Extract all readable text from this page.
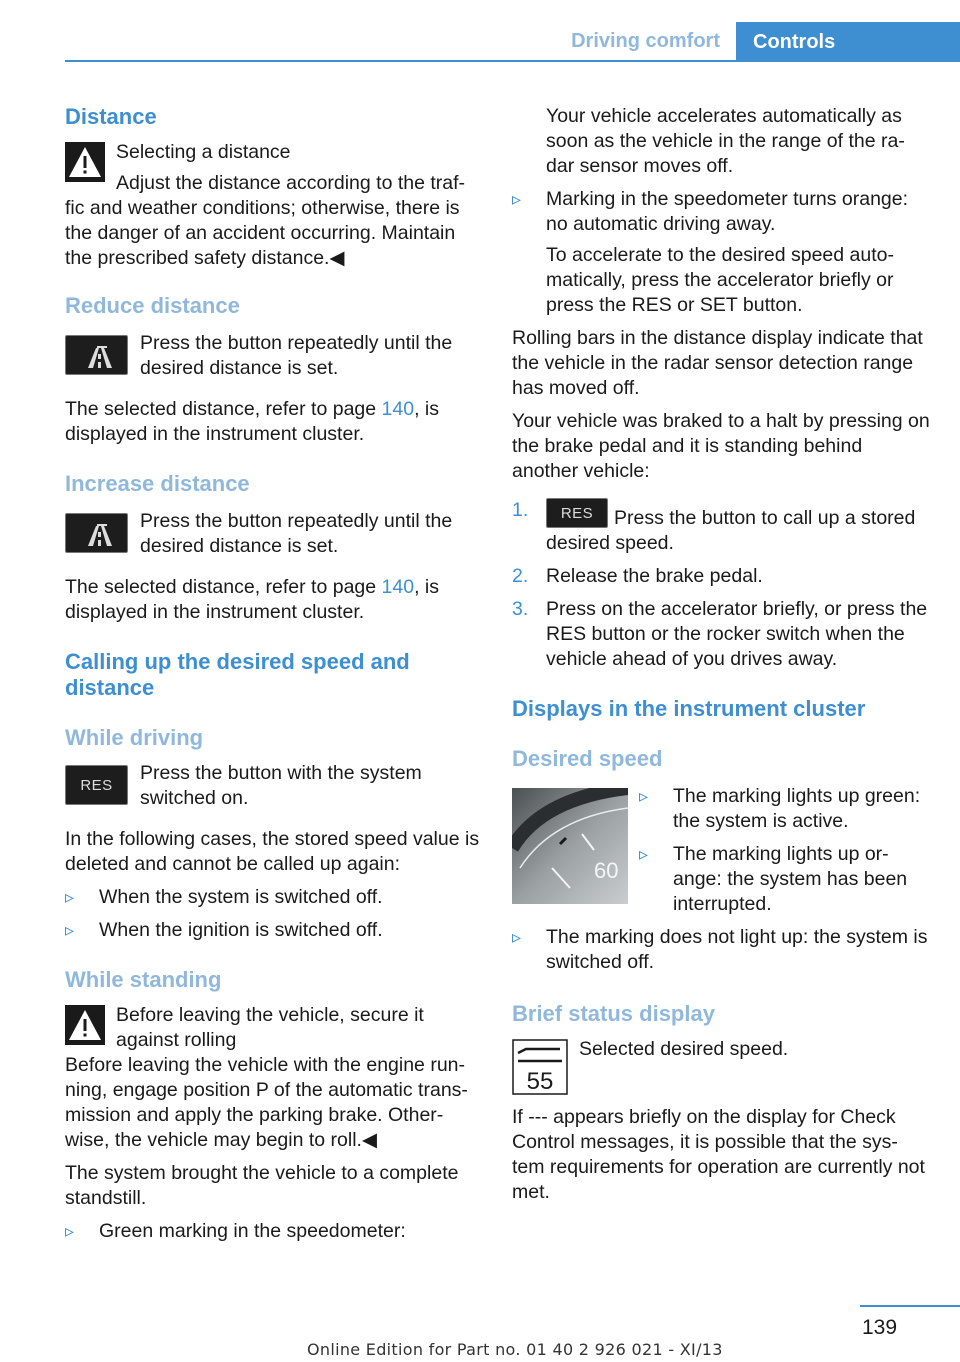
Driving comfort	Controls
Distance

Selecting a distance

Adjust the distance according to the traf‐ fic and weather conditions; otherwise, there is the danger of an accident occurring. Maintain the prescribed safety distance.◀

Reduce distance

Press the button repeatedly until the desired distance is set.

The selected distance, refer to page 140, is displayed in the instrument cluster.

Increase distance

Press the button repeatedly until the desired distance is set.

The selected distance, refer to page 140, is displayed in the instrument cluster.

Calling up the desired speed and distance
While driving
RES

Press the button with the system switched on.

In the following cases, the stored speed value is deleted and cannot be called up again:

▹ When the system is switched off.
▹ When the ignition is switched off.
While standing

Before leaving the vehicle, secure it against rolling

Before leaving the vehicle with the engine run‐ ning, engage position P of the automatic trans‐ mission and apply the parking brake. Other‐ wise, the vehicle may begin to roll.◀

The system brought the vehicle to a complete standstill.

▹ Green marking in the speedometer:

Your vehicle accelerates automatically as soon as the vehicle in the range of the ra‐ dar sensor moves off.

▹ Marking in the speedometer turns orange: no automatic driving away.

To accelerate to the desired speed auto‐ matically, press the accelerator briefly or press the RES or SET button.

Rolling bars in the distance display indicate that the vehicle in the radar sensor detection range has moved off.

Your vehicle was braked to a halt by pressing on the brake pedal and it is standing behind another vehicle:

1.	RES	Press the button to call up a stored desired speed.
2. Release the brake pedal.
3. Press on the accelerator briefly, or press the RES button or the rocker switch when the vehicle ahead of you drives away.
Displays in the instrument cluster
Desired speed
60
▹ The marking lights up green: the system is active.
▹ The marking lights up or‐ ange: the system has been interrupted.
▹ The marking does not light up: the system is switched off.
Brief status display
55

Selected desired speed.

If --- appears briefly on the display for Check Control messages, it is possible that the sys‐ tem requirements for operation are currently not met.

139
Online Edition for Part no. 01 40 2 926 021 - XI/13
